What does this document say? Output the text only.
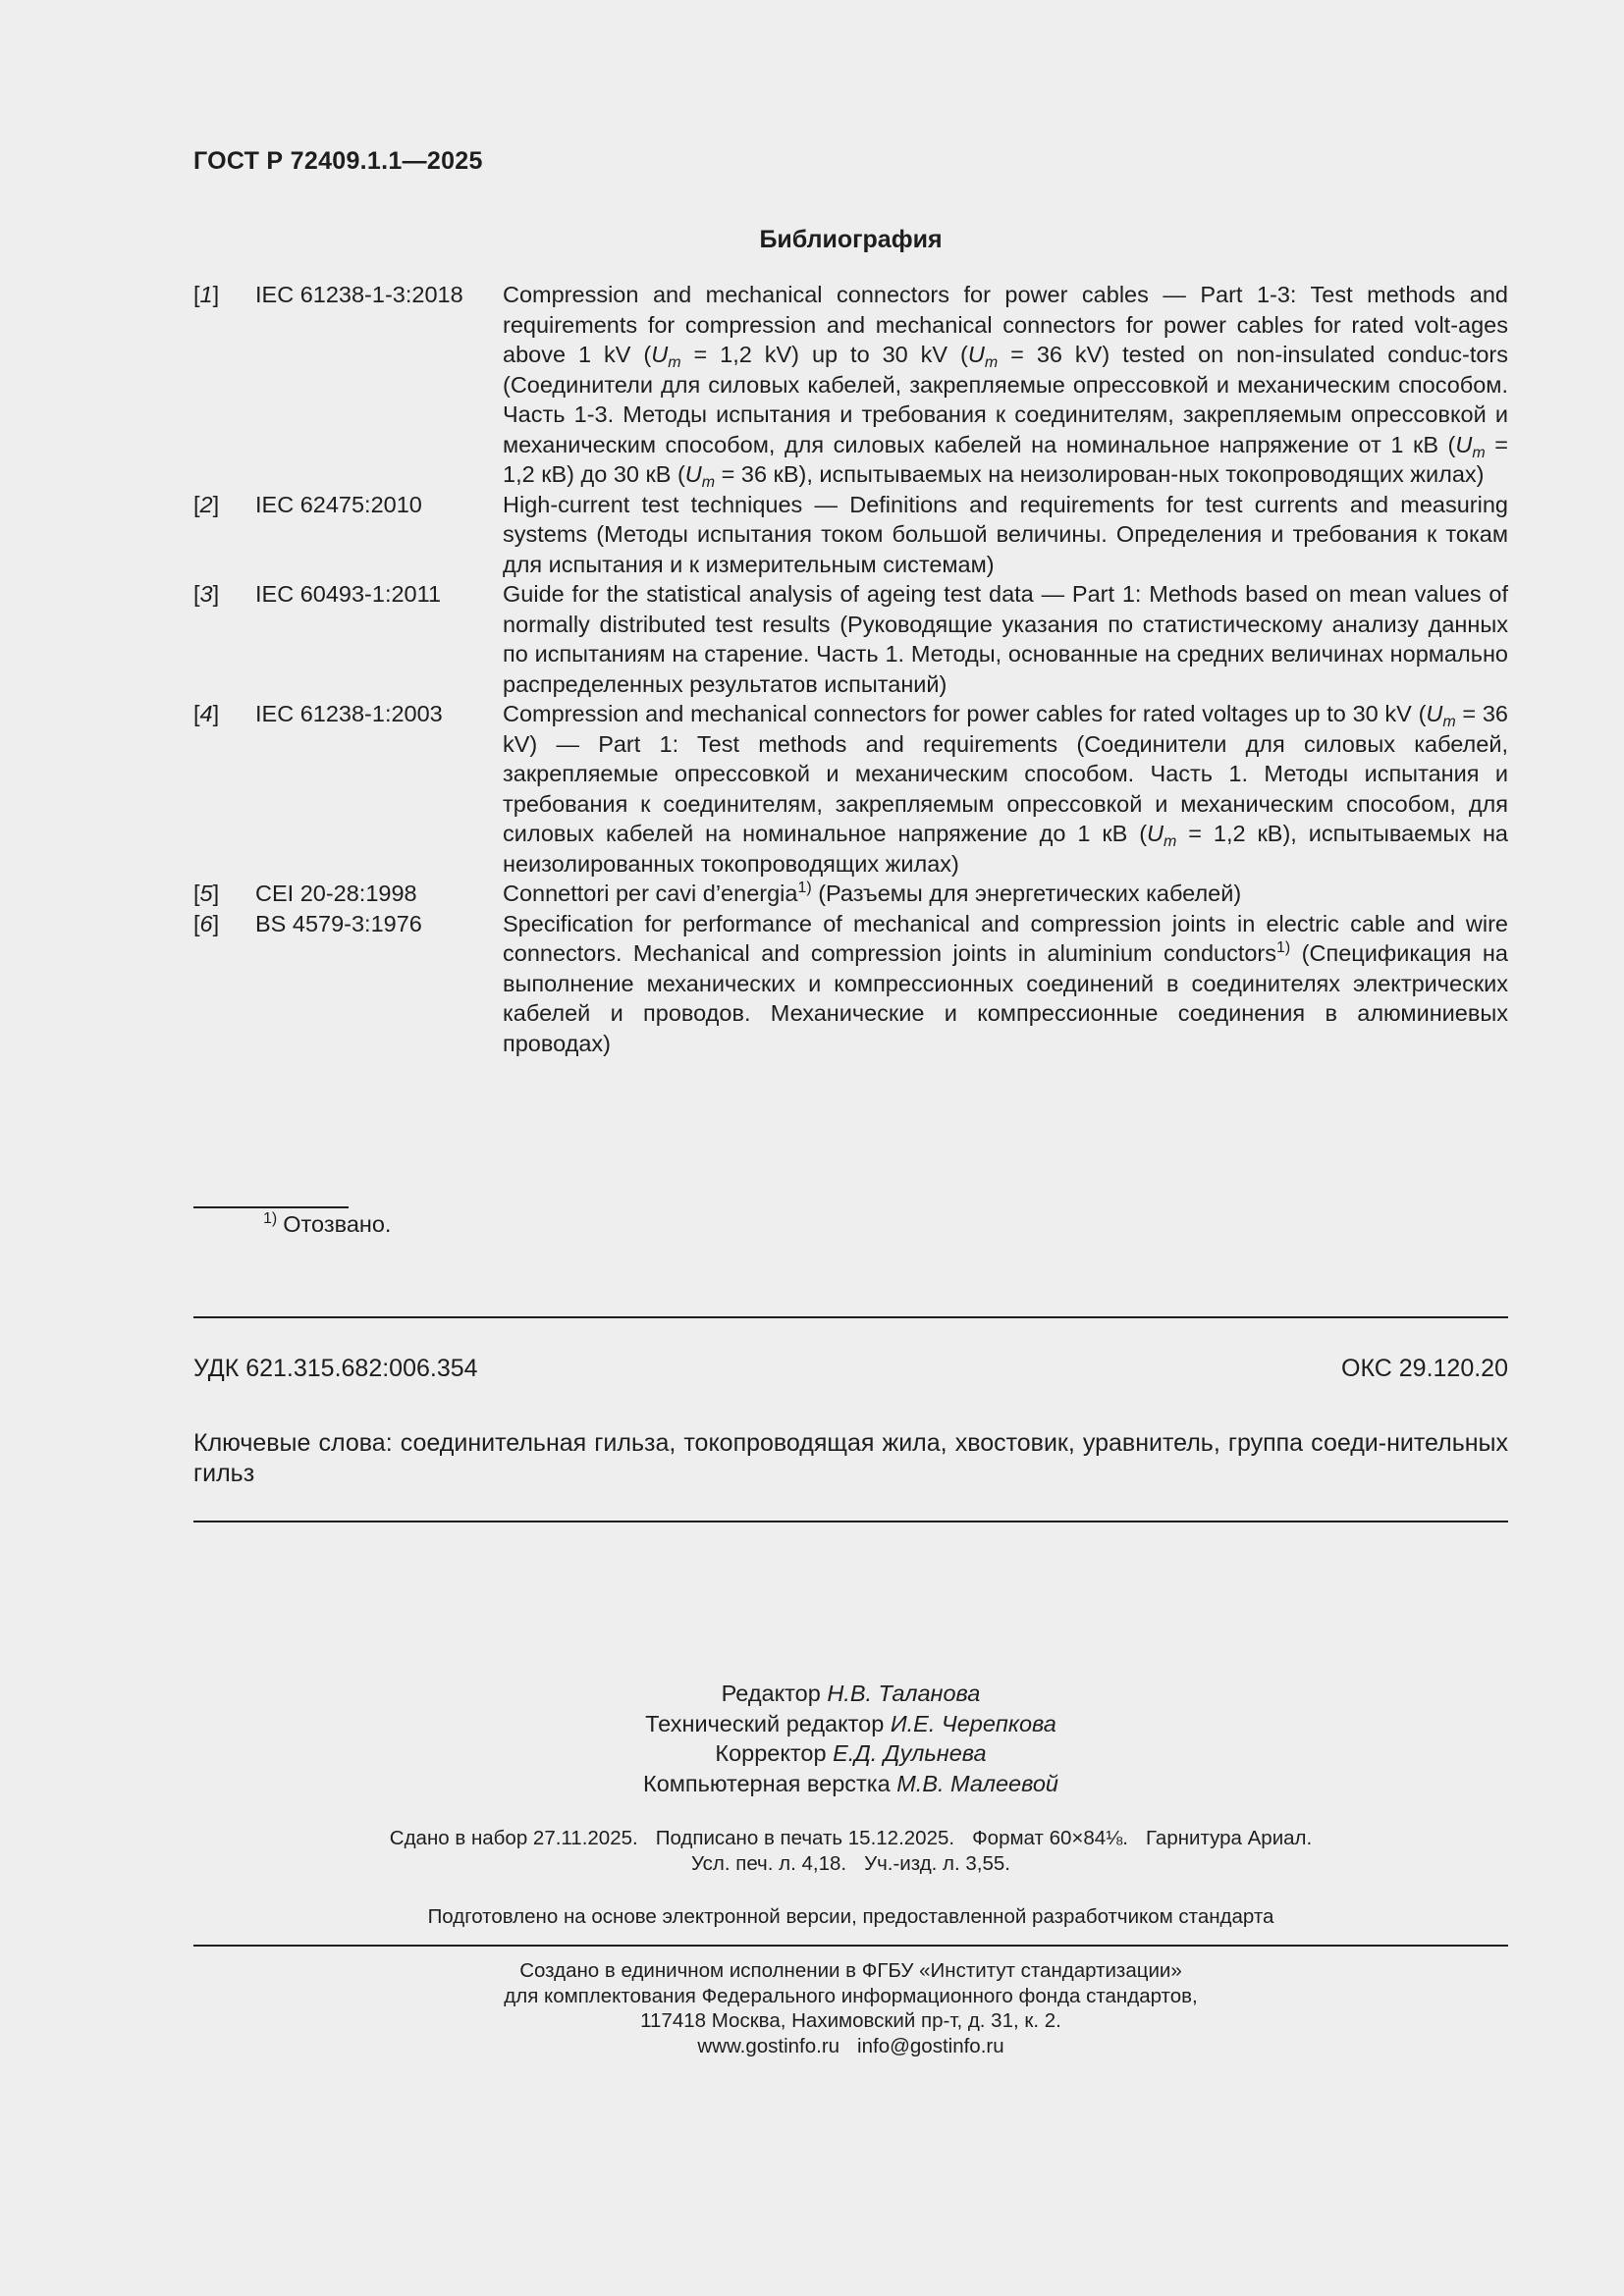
ГОСТ Р 72409.1.1—2025
Библиография
[1] IEC 61238-1-3:2018 Compression and mechanical connectors for power cables — Part 1-3: Test methods and requirements for compression and mechanical connectors for power cables for rated volt-ages above 1 kV ($U_m = 1,2$ kV) up to 30 kV ($U_m = 36$ kV) tested on non-insulated conduc-tors (Соединители для силовых кабелей, закрепляемые опрессовкой и механическим способом. Часть 1-3. Методы испытания и требования к соединителям, закрепляемым опрессовкой и механическим способом, для силовых кабелей на номинальное напряжение от 1 кВ ($U_m = 1,2$ кВ) до 30 кВ ($U_m = 36$ кВ), испытываемых на неизолирован-ных токопроводящих жилах)
[2] IEC 62475:2010	High-current test techniques — Definitions and requirements for test currents and measuring systems (Методы испытания током большой величины. Определения и требования к токам для испытания и к измерительным системам)
[3] IEC 60493-1:2011	Guide for the statistical analysis of ageing test data — Part 1: Methods based on mean values of normally distributed test results (Руководящие указания по статистическому анализу данных по испытаниям на старение. Часть 1. Методы, основанные на средних величинах нормально распределенных результатов испытаний)
[4] IEC 61238-1:2003	Compression and mechanical connectors for power cables for rated voltages up to 30 kV ($U_m = 36$ kV) — Part 1: Test methods and requirements (Соединители для силовых кабелей, закрепляемые опрессовкой и механическим способом. Часть 1. Методы испытания и требования к соединителям, закрепляемым опрессовкой и механическим способом, для силовых кабелей на номинальное напряжение до 1 кВ ($U_m = 1,2$ кВ), испытываемых на неизолированных токопроводящих жилах)
[5] CEI 20-28:1998	Connettori per cavi d’energia$^{1)}$ (Разъемы для энергетических кабелей)
[6] BS 4579-3:1976	Specification for performance of mechanical and compression joints in electric cable and wire connectors. Mechanical and compression joints in aluminium conductors$^{1)}$ (Спецификация на выполнение механических и компрессионных соединений в соединителях электрических кабелей и проводов. Механические и компрессионные соединения в алюминиевых проводах)
$^{1)}$ Отозвано.
УДК 621.315.682:006.354	ОКС 29.120.20
Ключевые слова: соединительная гильза, токопроводящая жила, хвостовик, уравнитель, группа соеди-нительных гильз
Редактор Н.В. Таланова
Технический редактор И.Е. Черепкова
Корректор Е.Д. Дульнева
Компьютерная верстка М.В. Малеевой
Сдано в набор 27.11.2025. Подписано в печать 15.12.2025. Формат 60×84⅛. Гарнитура Ариал.
Усл. печ. л. 4,18. Уч.-изд. л. 3,55.
Подготовлено на основе электронной версии, предоставленной разработчиком стандарта
Создано в единичном исполнении в ФГБУ «Институт стандартизации»
для комплектования Федерального информационного фонда стандартов,
117418 Москва, Нахимовский пр-т, д. 31, к. 2.
www.gostinfo.ru info@gostinfo.ru
